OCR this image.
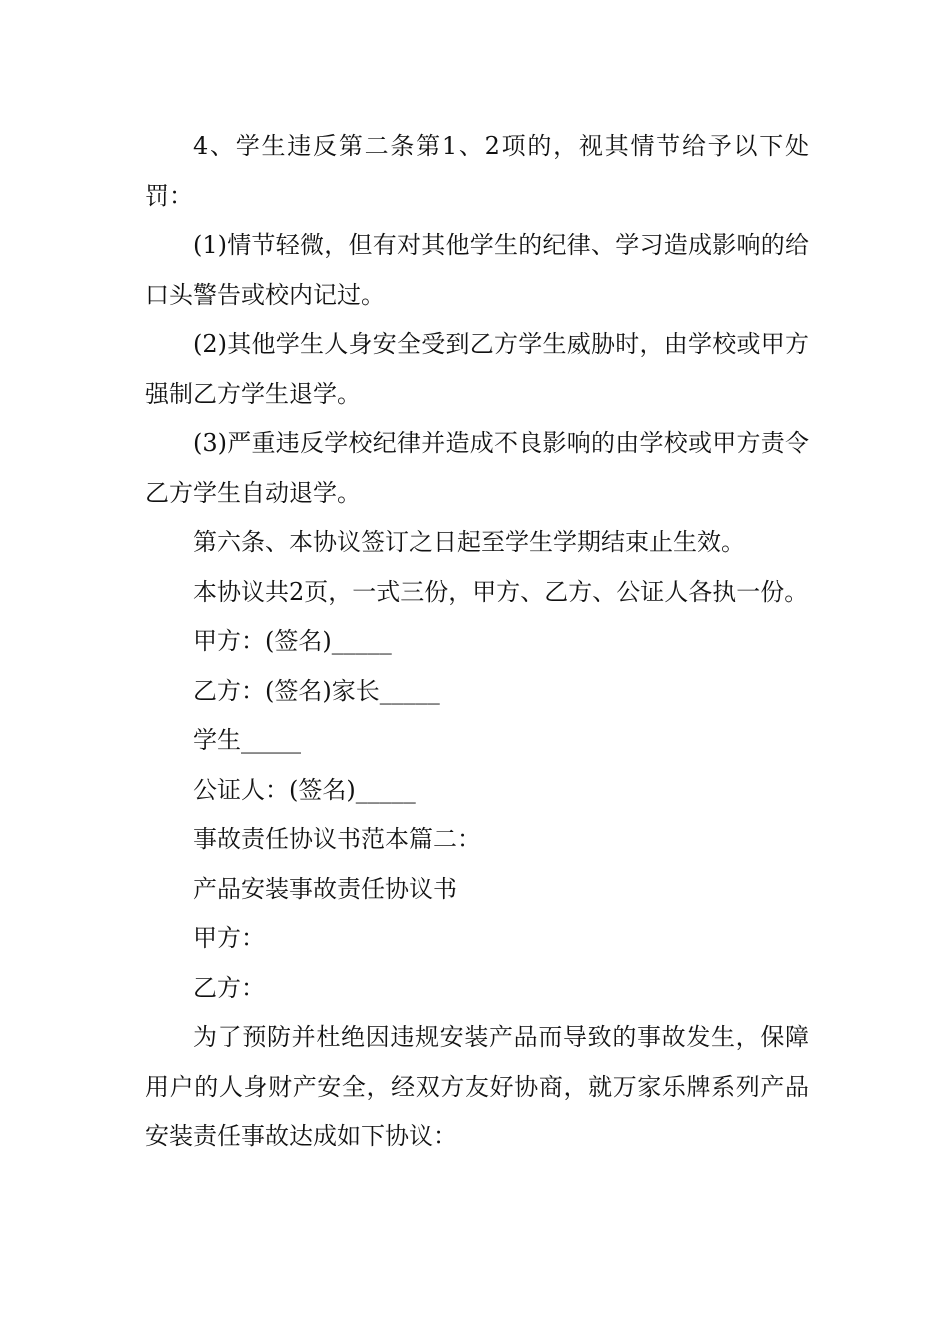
4、学生违反第二条第1、2项的，视其情节给予以下处罚：

(1)情节轻微，但有对其他学生的纪律、学习造成影响的给口头警告或校内记过。

(2)其他学生人身安全受到乙方学生威胁时，由学校或甲方强制乙方学生退学。

(3)严重违反学校纪律并造成不良影响的由学校或甲方责令乙方学生自动退学。

第六条、本协议签订之日起至学生学期结束止生效。

本协议共2页，一式三份，甲方、乙方、公证人各执一份。

甲方：(签名)_____

乙方：(签名)家长_____

学生_____

公证人：(签名)_____

事故责任协议书范本篇二：

产品安装事故责任协议书

甲方：

乙方：

为了预防并杜绝因违规安装产品而导致的事故发生，保障用户的人身财产安全，经双方友好协商，就万家乐牌系列产品安装责任事故达成如下协议：
